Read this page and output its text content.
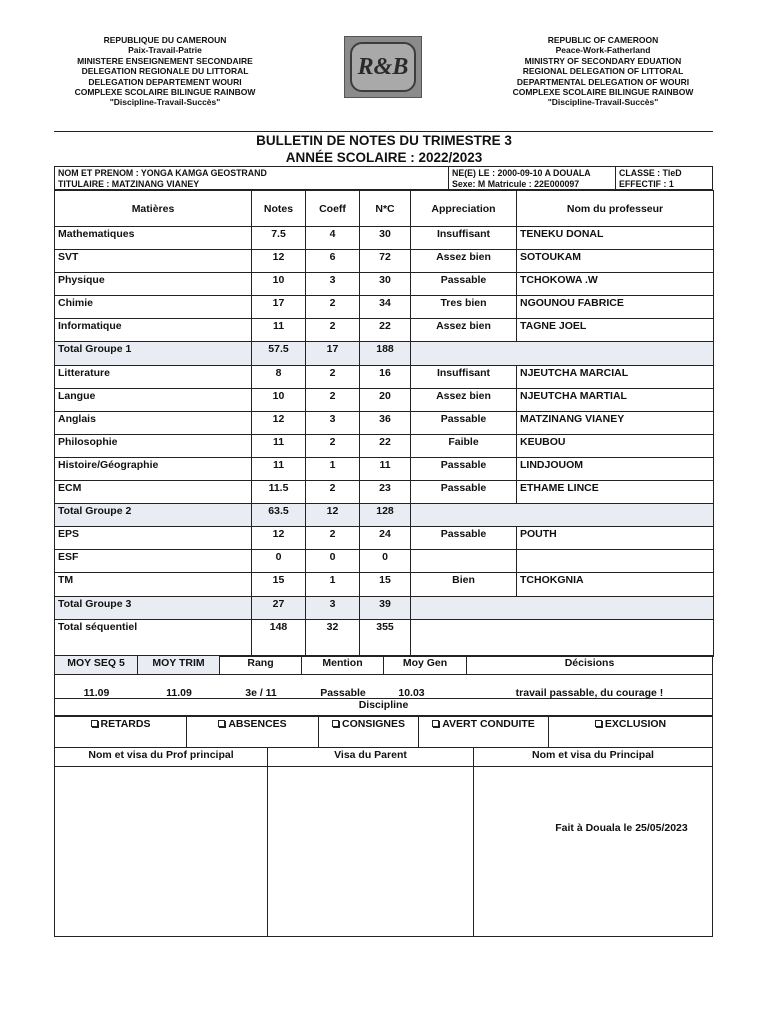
REPUBLIQUE DU CAMEROUN
Paix-Travail-Patrie
MINISTERE ENSEIGNEMENT SECONDAIRE
DELEGATION REGIONALE DU LITTORAL
DELEGATION DEPARTEMENT WOURI
COMPLEXE SCOLAIRE BILINGUE RAINBOW
"Discipline-Travail-Succès"
R&B
REPUBLIC OF CAMEROON
Peace-Work-Fatherland
MINISTRY OF SECONDARY EDUATION
REGIONAL DELEGATION OF LITTORAL
DEPARTMENTAL DELEGATION OF WOURI
COMPLEXE SCOLAIRE BILINGUE RAINBOW
"Discipline-Travail-Succès"
BULLETIN DE NOTES DU TRIMESTRE 3
ANNÉE SCOLAIRE : 2022/2023
NOM ET PRENOM : YONGA KAMGA GEOSTRAND
TITULAIRE : MATZINANG VIANEY
NE(E) LE : 2000-09-10 A DOUALA
Sexe: M Matricule : 22E000097
CLASSE : TleD
EFFECTIF : 1
Matières	Notes	Coeff	N*C	Appreciation	Nom du professeur
Mathematiques	7.5	4	30	Insuffisant	TENEKU DONAL
SVT	12	6	72	Assez bien	SOTOUKAM
Physique	10	3	30	Passable	TCHOKOWA .W
Chimie	17	2	34	Tres bien	NGOUNOU FABRICE
Informatique	11	2	22	Assez bien	TAGNE JOEL
Total Groupe 1	57.5	17	188		
Litterature	8	2	16	Insuffisant	NJEUTCHA MARCIAL
Langue	10	2	20	Assez bien	NJEUTCHA MARTIAL
Anglais	12	3	36	Passable	MATZINANG VIANEY
Philosophie	11	2	22	Faible	KEUBOU
Histoire/Géographie	11	1	11	Passable	LINDJOUOM
ECM	11.5	2	23	Passable	ETHAME LINCE
Total Groupe 2	63.5	12	128		
EPS	12	2	24	Passable	POUTH
ESF	0	0	0		
TM	15	1	15	Bien	TCHOKGNIA
Total Groupe 3	27	3	39		
Total séquentiel	148	32	355		
MOY SEQ 5	MOY TRIM	Rang	Mention	Moy Gen	Décisions
11.09	11.09	3e / 11	Passable	10.03	travail passable, du courage !
Discipline
RETARDS	ABSENCES	CONSIGNES	AVERT CONDUITE	EXCLUSION
Nom et visa du Prof principal	Visa du Parent	Nom et visa du Principal
Fait à Douala le 25/05/2023
